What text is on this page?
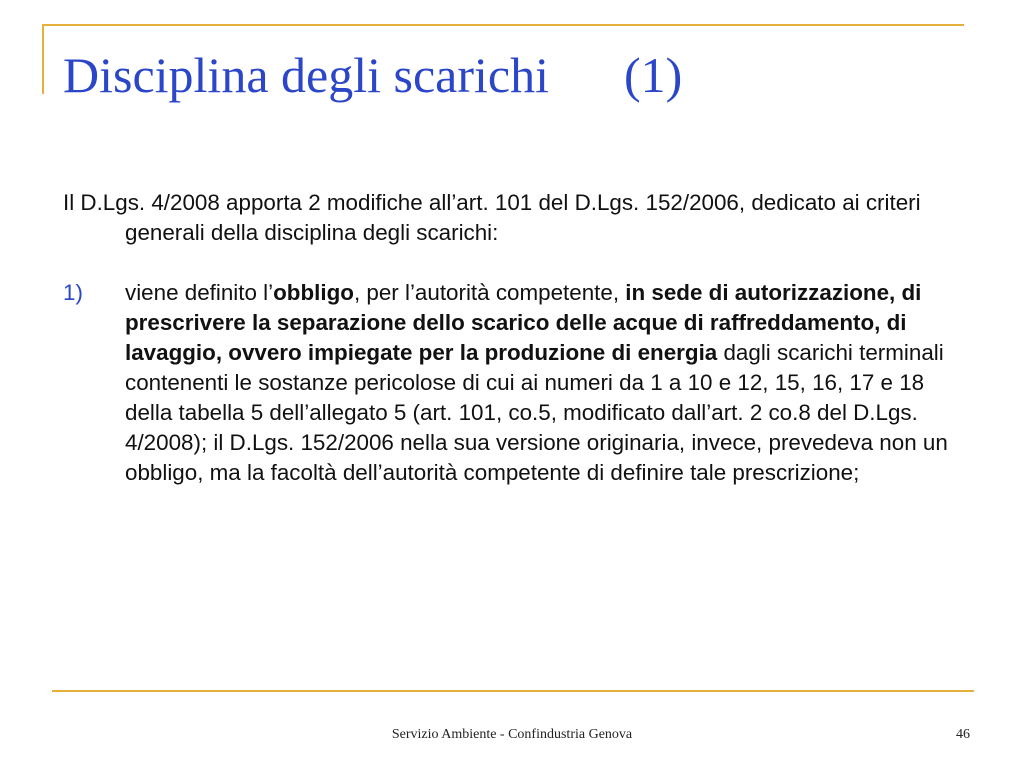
Disciplina degli scarichi (1)

Il D.Lgs. 4/2008 apporta 2 modifiche all’art. 101 del D.Lgs. 152/2006, dedicato ai criteri generali della disciplina degli scarichi:

1) viene definito l’obbligo, per l’autorità competente, in sede di autorizzazione, di prescrivere la separazione dello scarico delle acque di raffreddamento, di lavaggio, ovvero impiegate per la produzione di energia dagli scarichi terminali contenenti le sostanze pericolose di cui ai numeri da 1 a 10 e 12, 15, 16, 17 e 18 della tabella 5 dell’allegato 5 (art. 101, co.5, modificato dall’art. 2 co.8 del D.Lgs. 4/2008); il D.Lgs. 152/2006 nella sua versione originaria, invece, prevedeva non un obbligo, ma la facoltà dell’autorità competente di definire tale prescrizione;
Servizio Ambiente - Confindustria Genova	46
